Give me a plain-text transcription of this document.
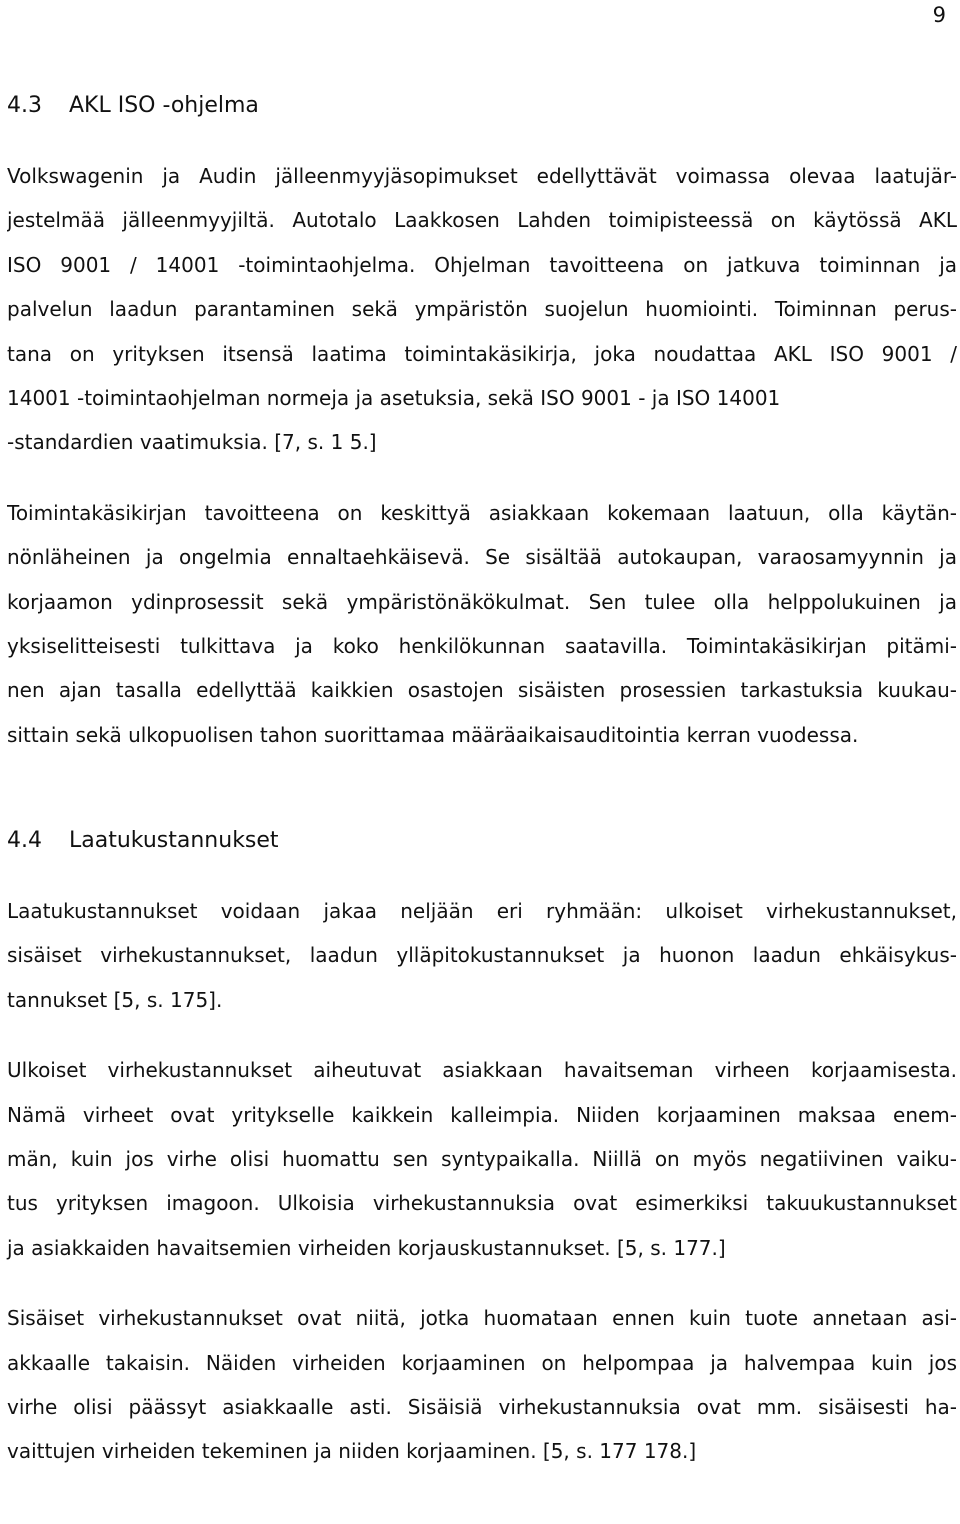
9
4.3 AKL ISO -ohjelma

Volkswagenin ja Audin jälleenmyyjäsopimukset edellyttävät voimassa olevaa laatujär-
jestelmää jälleenmyyjiltä. Autotalo Laakkosen Lahden toimipisteessä on käytössä AKL
ISO 9001 / 14001 -toimintaohjelma. Ohjelman tavoitteena on jatkuva toiminnan ja
palvelun laadun parantaminen sekä ympäristön suojelun huomiointi. Toiminnan perus-
tana on yrityksen itsensä laatima toimintakäsikirja, joka noudattaa AKL ISO 9001 /
14001 -toimintaohjelman normeja ja asetuksia, sekä ISO 9001 - ja ISO 14001
-standardien vaatimuksia. [7, s. 1 5.]

Toimintakäsikirjan tavoitteena on keskittyä asiakkaan kokemaan laatuun, olla käytän-
nönläheinen ja ongelmia ennaltaehkäisevä. Se sisältää autokaupan, varaosamyynnin ja
korjaamon ydinprosessit sekä ympäristönäkökulmat. Sen tulee olla helppolukuinen ja
yksiselitteisesti tulkittava ja koko henkilökunnan saatavilla. Toimintakäsikirjan pitämi-
nen ajan tasalla edellyttää kaikkien osastojen sisäisten prosessien tarkastuksia kuukau-
sittain sekä ulkopuolisen tahon suorittamaa määräaikaisauditointia kerran vuodessa.

4.4 Laatukustannukset

Laatukustannukset voidaan jakaa neljään eri ryhmään: ulkoiset virhekustannukset,
sisäiset virhekustannukset, laadun ylläpitokustannukset ja huonon laadun ehkäisykus-
tannukset [5, s. 175].

Ulkoiset virhekustannukset aiheutuvat asiakkaan havaitseman virheen korjaamisesta.
Nämä virheet ovat yritykselle kaikkein kalleimpia. Niiden korjaaminen maksaa enem-
män, kuin jos virhe olisi huomattu sen syntypaikalla. Niillä on myös negatiivinen vaiku-
tus yrityksen imagoon. Ulkoisia virhekustannuksia ovat esimerkiksi takuukustannukset
ja asiakkaiden havaitsemien virheiden korjauskustannukset. [5, s. 177.]

Sisäiset virhekustannukset ovat niitä, jotka huomataan ennen kuin tuote annetaan asi-
akkaalle takaisin. Näiden virheiden korjaaminen on helpompaa ja halvempaa kuin jos
virhe olisi päässyt asiakkaalle asti. Sisäisiä virhekustannuksia ovat mm. sisäisesti ha-
vaittujen virheiden tekeminen ja niiden korjaaminen. [5, s. 177 178.]
